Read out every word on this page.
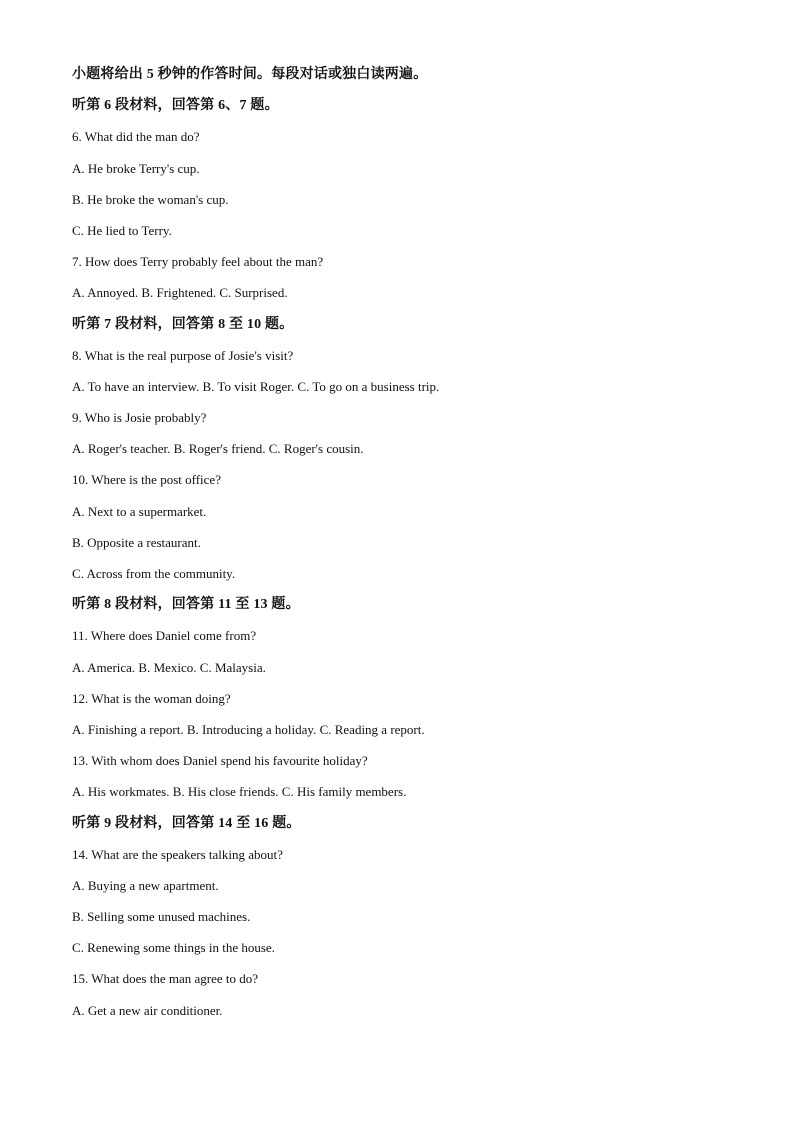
小题将给出 5 秒钟的作答时间。每段对话或独白读两遍。
听第 6 段材料，回答第 6、7 题。
6. What did the man do?
A. He broke Terry's cup.
B. He broke the woman's cup.
C. He lied to Terry.
7. How does Terry probably feel about the man?
A. Annoyed. B. Frightened. C. Surprised.
听第 7 段材料，回答第 8 至 10 题。
8. What is the real purpose of Josie's visit?
A. To have an interview. B. To visit Roger. C. To go on a business trip.
9. Who is Josie probably?
A. Roger's teacher. B. Roger's friend. C. Roger's cousin.
10. Where is the post office?
A. Next to a supermarket.
B. Opposite a restaurant.
C. Across from the community.
听第 8 段材料，回答第 11 至 13 题。
11. Where does Daniel come from?
A. America. B. Mexico. C. Malaysia.
12. What is the woman doing?
A. Finishing a report. B. Introducing a holiday. C. Reading a report.
13. With whom does Daniel spend his favourite holiday?
A. His workmates. B. His close friends. C. His family members.
听第 9 段材料，回答第 14 至 16 题。
14. What are the speakers talking about?
A. Buying a new apartment.
B. Selling some unused machines.
C. Renewing some things in the house.
15. What does the man agree to do?
A. Get a new air conditioner.
